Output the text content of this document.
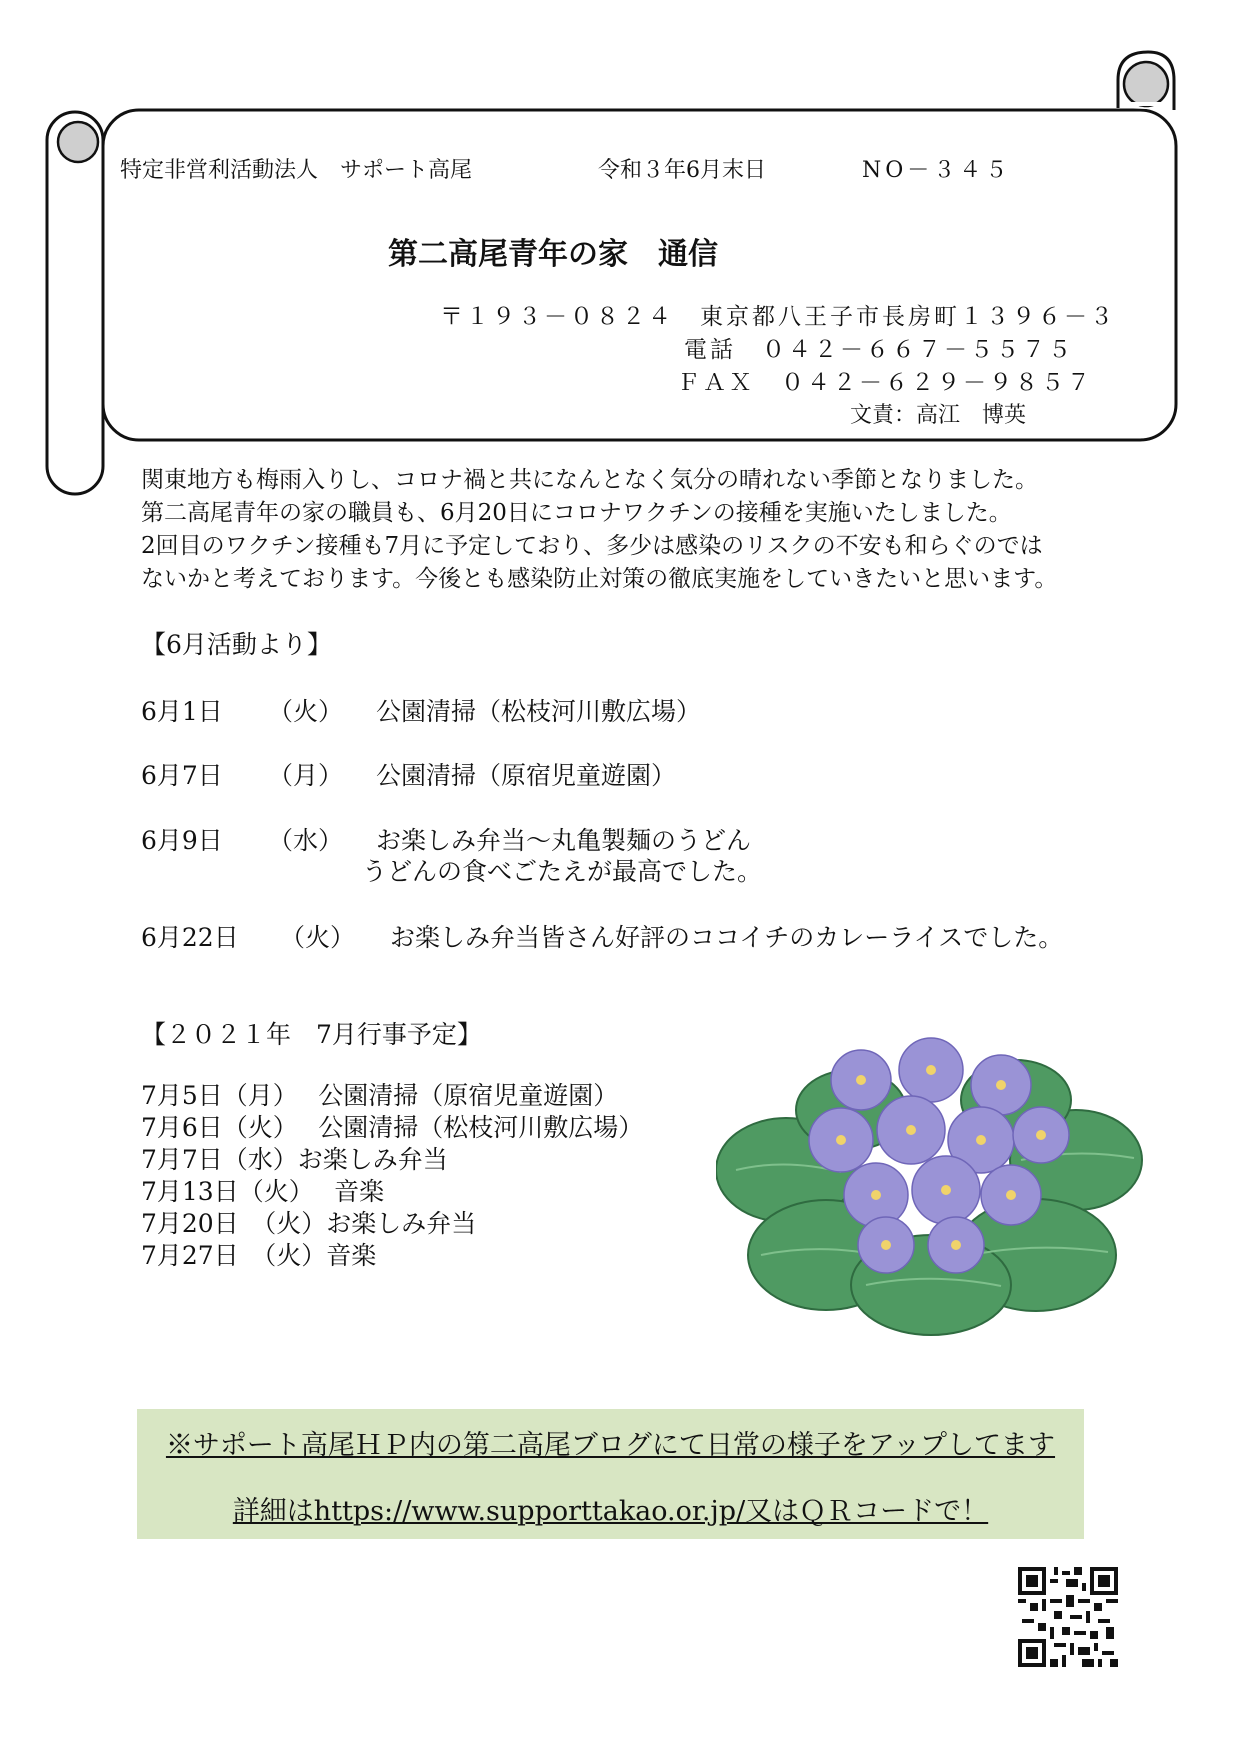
特定非営利活動法人　サポート高尾	令和３年6月末日	NO－３４５
第二高尾青年の家　通信
〒１９３－０８２４　東京都八王子市長房町１３９６－３
電話　０４２－６６７－５５７５
ＦＡＸ　０４２－６２９－９８５７
文責：高江　博英
関東地方も梅雨入りし、コロナ禍と共になんとなく気分の晴れない季節となりました。
第二高尾青年の家の職員も、6月20日にコロナワクチンの接種を実施いたしました。
2回目のワクチン接種も7月に予定しており、多少は感染のリスクの不安も和らぐのでは
ないかと考えております。今後とも感染防止対策の徹底実施をしていきたいと思います。
【6月活動より】
6月1日 （火） 公園清掃（松枝河川敷広場）
6月7日 （月） 公園清掃（原宿児童遊園）
6月9日 （水） お楽しみ弁当～丸亀製麺のうどん
うどんの食べごたえが最高でした。
6月22日 （火） お楽しみ弁当皆さん好評のココイチのカレーライスでした。
【２０２１年　7月行事予定】
7月5日（月）　 公園清掃（原宿児童遊園）
7月6日（火）　 公園清掃（松枝河川敷広場）
7月7日（水）お楽しみ弁当
7月13日（火）　 音楽
7月20日　（火）お楽しみ弁当
7月27日　（火）音楽
※サポート高尾ＨＰ内の第二高尾ブログにて日常の様子をアップしてます
詳細はhttps://www.supporttakao.or.jp/又はＱＲコードで！
